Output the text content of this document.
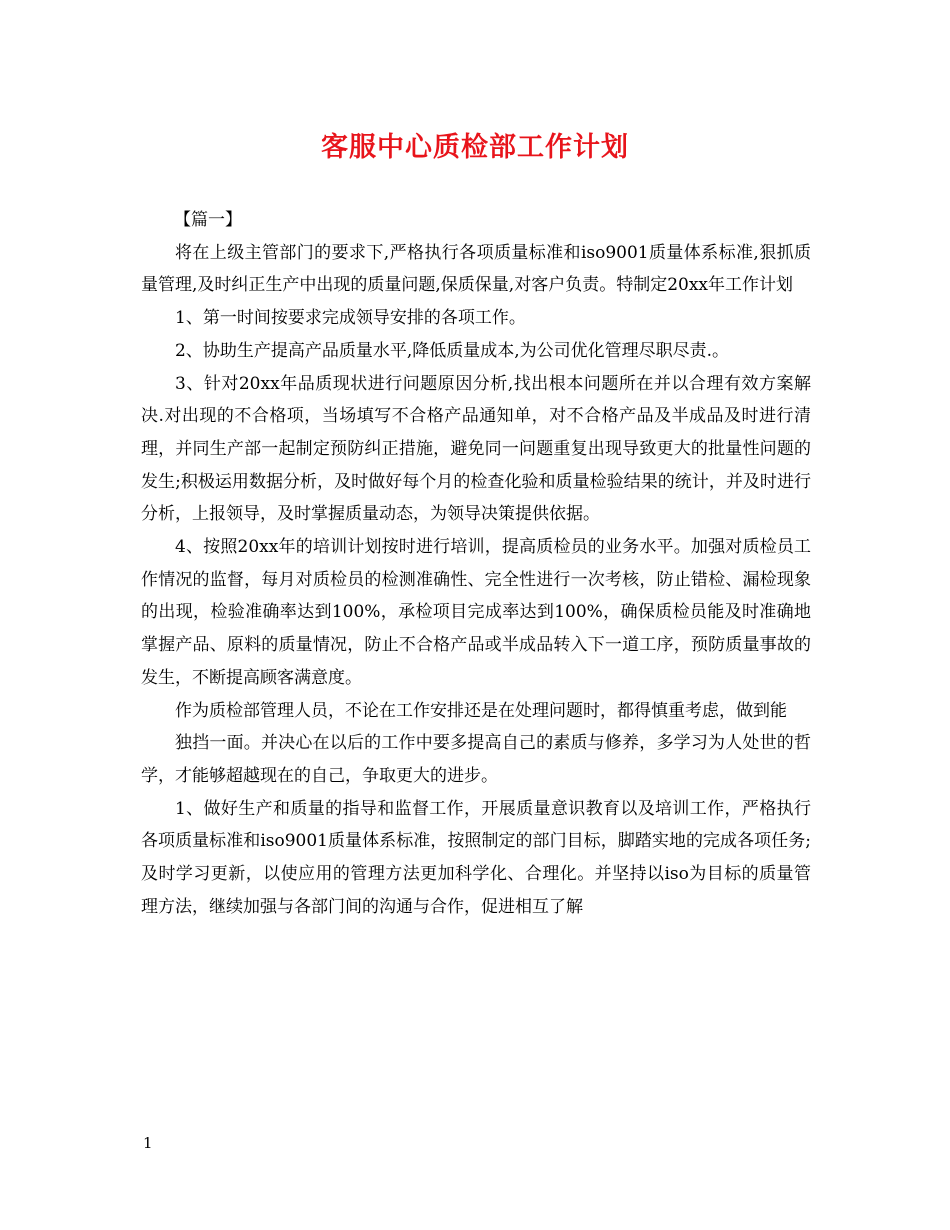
客服中心质检部工作计划

【篇一】

将在上级主管部门的要求下,严格执行各项质量标准和iso9001质量体系标准,狠抓质量管理,及时纠正生产中出现的质量问题,保质保量,对客户负责。特制定20xx年工作计划

1、第一时间按要求完成领导安排的各项工作。

2、协助生产提高产品质量水平,降低质量成本,为公司优化管理尽职尽责.。

3、针对20xx年品质现状进行问题原因分析,找出根本问题所在并以合理有效方案解决.对出现的不合格项，当场填写不合格产品通知单，对不合格产品及半成品及时进行清理，并同生产部一起制定预防纠正措施，避免同一问题重复出现导致更大的批量性问题的发生;积极运用数据分析，及时做好每个月的检查化验和质量检验结果的统计，并及时进行分析，上报领导，及时掌握质量动态，为领导决策提供依据。

4、按照20xx年的培训计划按时进行培训，提高质检员的业务水平。加强对质检员工作情况的监督，每月对质检员的检测准确性、完全性进行一次考核，防止错检、漏检现象的出现，检验准确率达到100%，承检项目完成率达到100%，确保质检员能及时准确地掌握产品、原料的质量情况，防止不合格产品或半成品转入下一道工序，预防质量事故的发生，不断提高顾客满意度。

作为质检部管理人员，不论在工作安排还是在处理问题时，都得慎重考虑，做到能

独挡一面。并决心在以后的工作中要多提高自己的素质与修养，多学习为人处世的哲学，才能够超越现在的自己，争取更大的进步。

1、做好生产和质量的指导和监督工作，开展质量意识教育以及培训工作，严格执行各项质量标准和iso9001质量体系标准，按照制定的部门目标，脚踏实地的完成各项任务;及时学习更新，以使应用的管理方法更加科学化、合理化。并坚持以iso为目标的质量管理方法，继续加强与各部门间的沟通与合作，促进相互了解

1
